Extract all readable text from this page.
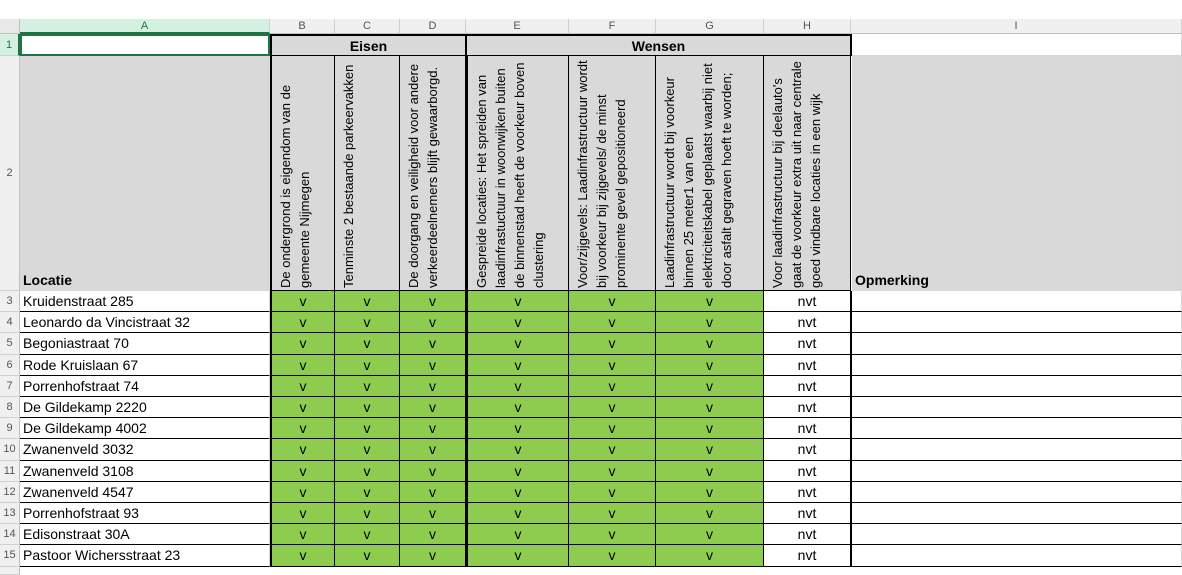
A	B	C	D	E	F	G	H	I
1
2
3
4
5
6
7
8
9
10
11
12
13
14
15
Eisen	Wensen
Locatie	De ondergrond is eigendom van de gemeente Nijmegen	Tenminste 2 bestaande parkeervakken	De doorgang en veiligheid voor andere verkeerdeelnemers blijft gewaarborgd.	Gespreide locaties: Het spreiden van laadinfrastuctuur in woonwijken buiten de binnenstad heeft de voorkeur boven clustering	Voor/zijgevels: Laadinfrastructuur wordt bij voorkeur bij zijgevels/ de minst prominente gevel gepositioneerd	Laadinfrastructuur wordt bij voorkeur binnen 25 meter1 van een elektriciteitskabel geplaatst waarbij niet door asfalt gegraven hoeft te worden;	Voor laadinfrastructuur bij deelauto's gaat de voorkeur extra uit naar centrale goed vindbare locaties in een wijk	Opmerking
Kruidenstraat 285	v	v	v	v	v	v	nvt
Leonardo da Vincistraat 32	v	v	v	v	v	v	nvt
Begoniastraat 70	v	v	v	v	v	v	nvt
Rode Kruislaan 67	v	v	v	v	v	v	nvt
Porrenhofstraat 74	v	v	v	v	v	v	nvt
De Gildekamp 2220	v	v	v	v	v	v	nvt
De Gildekamp 4002	v	v	v	v	v	v	nvt
Zwanenveld 3032	v	v	v	v	v	v	nvt
Zwanenveld 3108	v	v	v	v	v	v	nvt
Zwanenveld 4547	v	v	v	v	v	v	nvt
Porrenhofstraat 93	v	v	v	v	v	v	nvt
Edisonstraat 30A	v	v	v	v	v	v	nvt
Pastoor Wichersstraat 23	v	v	v	v	v	v	nvt
